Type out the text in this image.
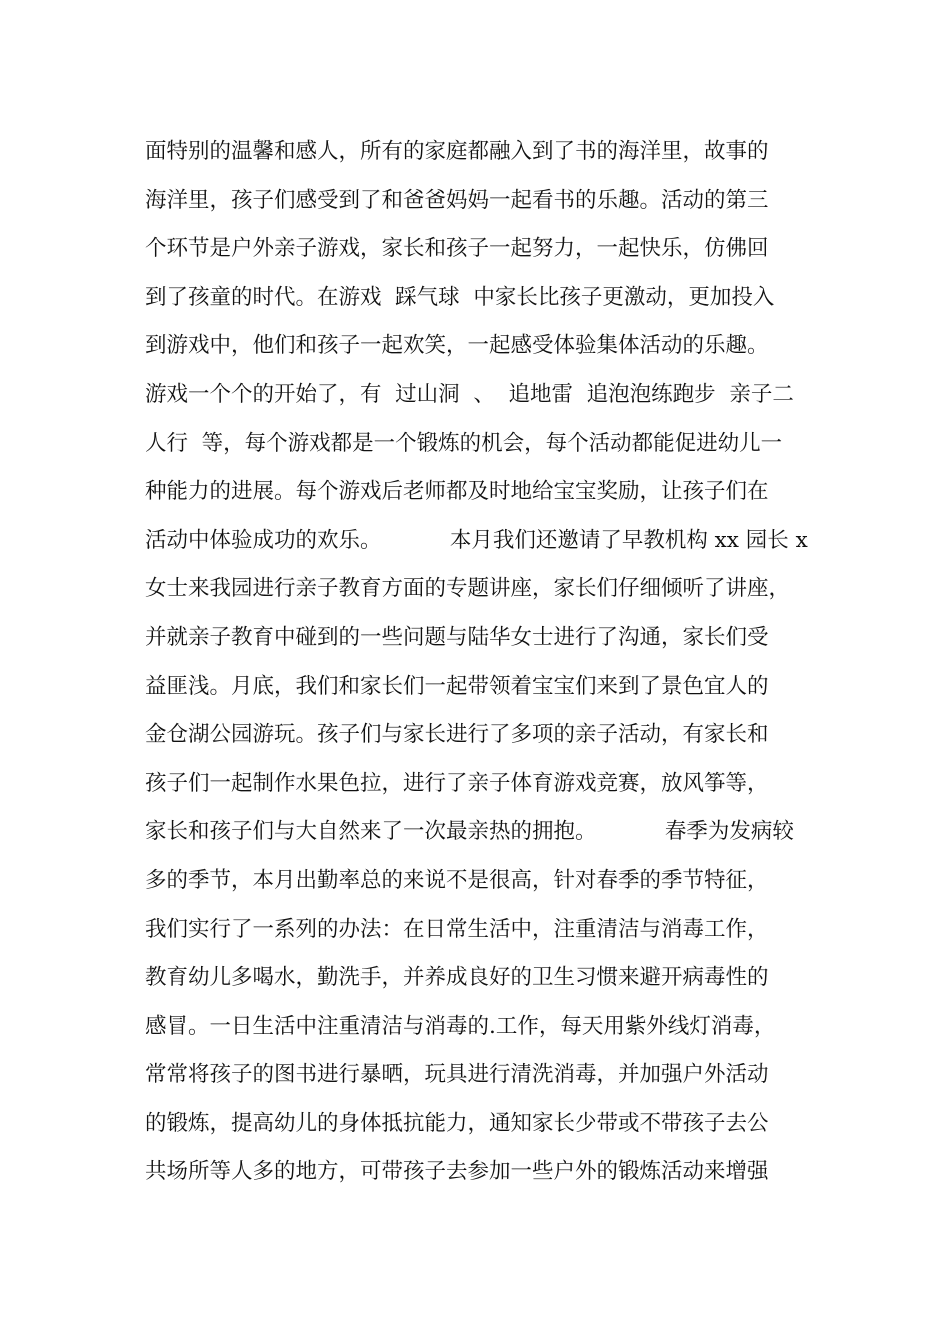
面特别的温馨和感人，所有的家庭都融入到了书的海洋里，故事的
海洋里，孩子们感受到了和爸爸妈妈一起看书的乐趣。活动的第三
个环节是户外亲子游戏，家长和孩子一起努力，一起快乐，仿佛回
到了孩童的时代。在游戏  踩气球  中家长比孩子更激动，更加投入
到游戏中，他们和孩子一起欢笑，一起感受体验集体活动的乐趣。
游戏一个个的开始了，有  过山洞  、  追地雷  追泡泡练跑步  亲子二
人行  等，每个游戏都是一个锻炼的机会，每个活动都能促进幼儿一
种能力的进展。每个游戏后老师都及时地给宝宝奖励，让孩子们在
活动中体验成功的欢乐。          本月我们还邀请了早教机构 xx 园长 x
女士来我园进行亲子教育方面的专题讲座，家长们仔细倾听了讲座，
并就亲子教育中碰到的一些问题与陆华女士进行了沟通，家长们受
益匪浅。月底，我们和家长们一起带领着宝宝们来到了景色宜人的
金仓湖公园游玩。孩子们与家长进行了多项的亲子活动，有家长和
孩子们一起制作水果色拉，进行了亲子体育游戏竞赛，放风筝等，
家长和孩子们与大自然来了一次最亲热的拥抱。          春季为发病较
多的季节，本月出勤率总的来说不是很高，针对春季的季节特征，
我们实行了一系列的办法：在日常生活中，注重清洁与消毒工作，
教育幼儿多喝水，勤洗手，并养成良好的卫生习惯来避开病毒性的
感冒。一日生活中注重清洁与消毒的.工作，每天用紫外线灯消毒，
常常将孩子的图书进行暴晒，玩具进行清洗消毒，并加强户外活动
的锻炼，提高幼儿的身体抵抗能力，通知家长少带或不带孩子去公
共场所等人多的地方，可带孩子去参加一些户外的锻炼活动来增强
